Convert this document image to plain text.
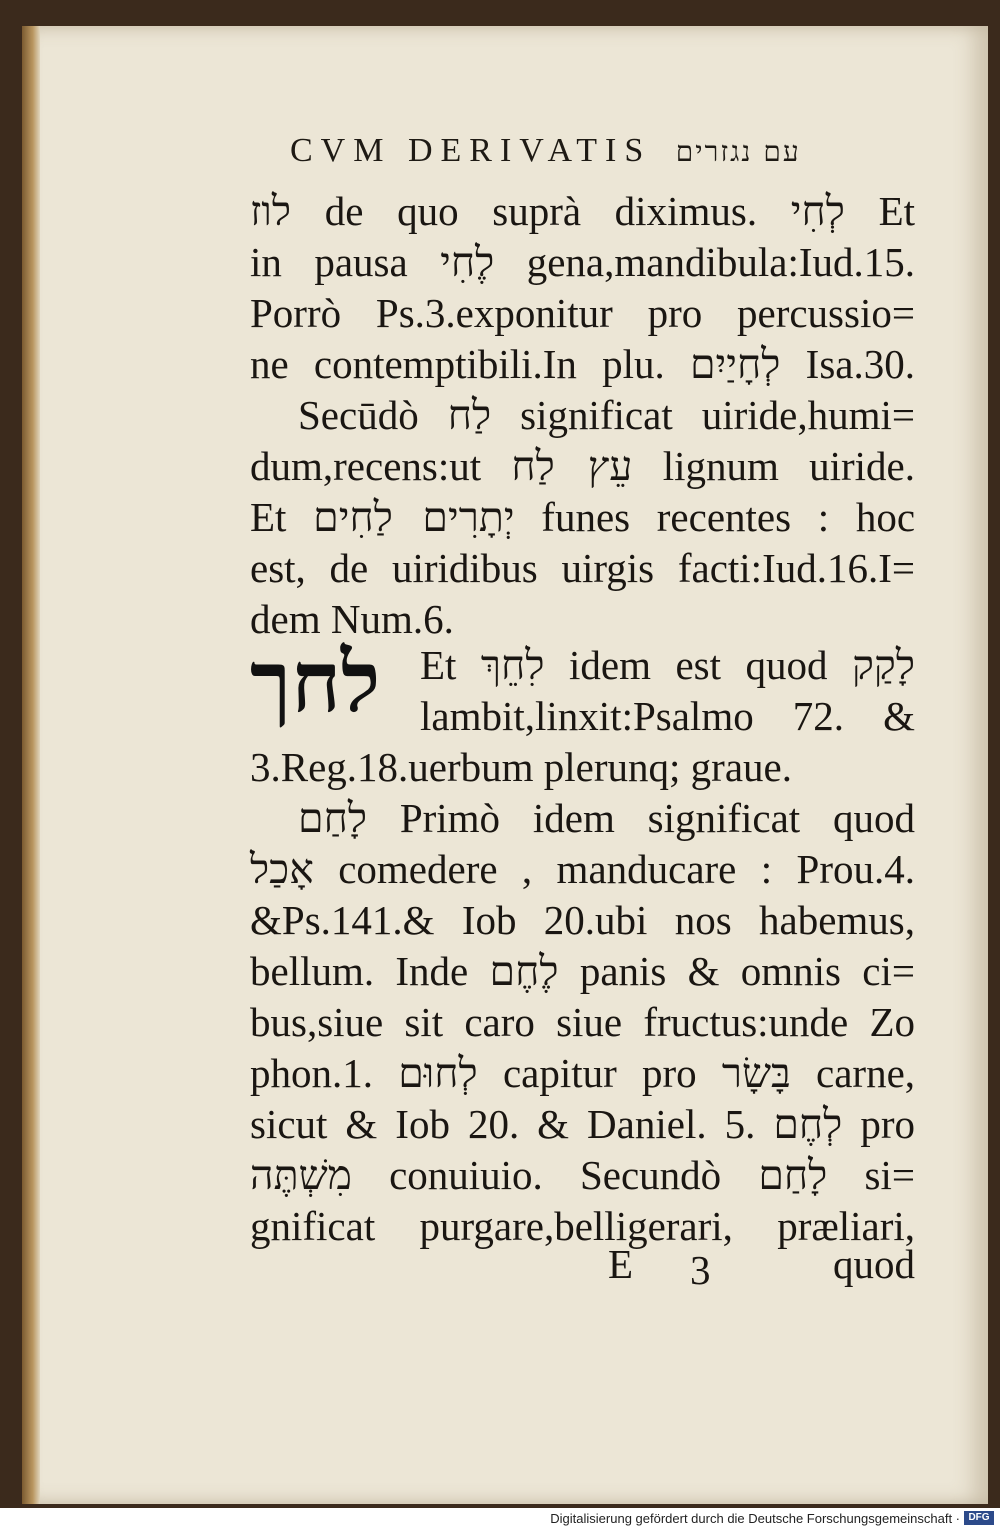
CVM DERIVATIS עם נגזרים
לוז de quo suprà diximus. לְחִי Et
in pausa לֶחִי gena,mandibula:Iud.15.
Porrò Ps.3.exponitur pro percussio=
ne contemptibili.In plu. לְחָיַיִם Isa.30.
Secūdò לַח significat uiride,humi=
dum,recens:ut עֵץ לַח lignum uiride.
Et יְתָרִים לַחִים funes recentes : hoc
est, de uiridibus uirgis facti:Iud.16.I=
dem Num.6.
לחך Et לִחֵךְ idem est quod לָקַק
lambit,linxit:Psalmo 72. &
3.Reg.18.uerbum plerunq; graue.
לָחַם Primò idem significat quod
אָכַל comedere , manducare : Prou.4.
&Ps.141.& Iob 20.ubi nos habemus,
bellum. Inde לֶחֶם panis & omnis ci=
bus,siue sit caro siue fructus:unde Zo
phon.1. לְחוּם capitur pro בָּשָׂר carne,
sicut & Iob 20. & Daniel. 5. לְחֶם pro
מִשְׁתֶּה conuiuio. Secundò לָחַם si=
gnificat purgare,belligerari, prӕliari,
E 3	quod
Digitalisierung gefördert durch die Deutsche Forschungsgemeinschaft · DFG
